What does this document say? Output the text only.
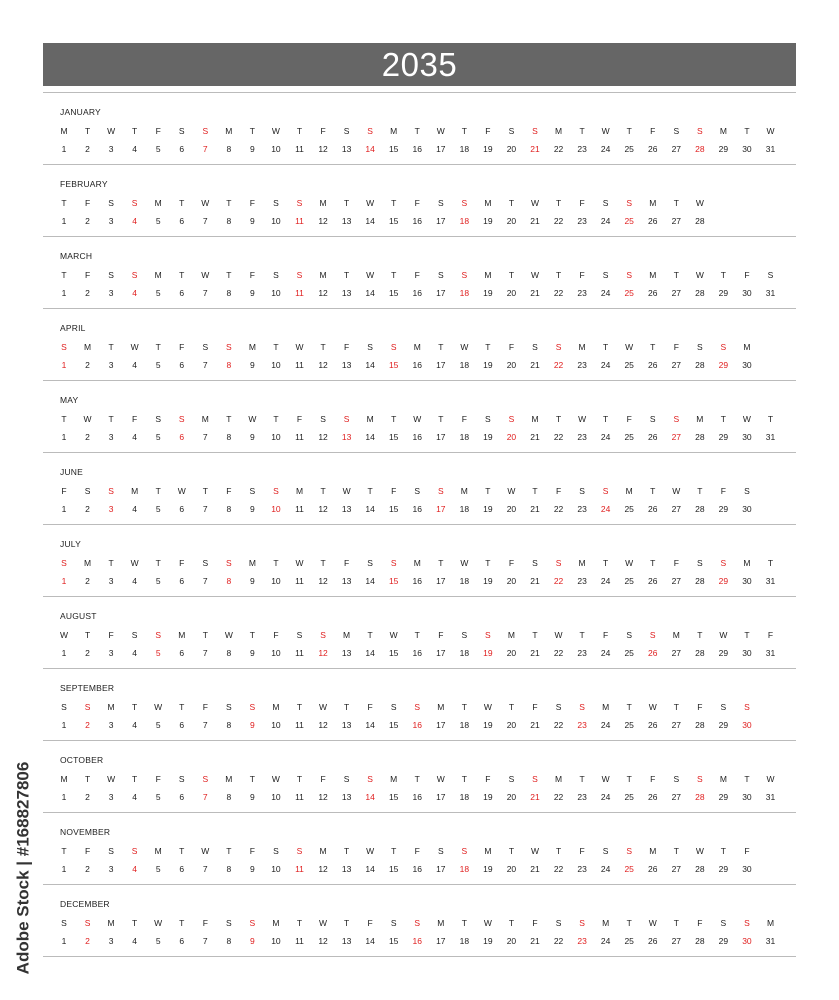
2035
JANUARY
M	T	W	T	F	S	S	M	T	W	T	F	S	S	M	T	W	T	F	S	S	M	T	W	T	F	S	S	M	T	W
1	2	3	4	5	6	7	8	9	10	11	12	13	14	15	16	17	18	19	20	21	22	23	24	25	26	27	28	29	30	31
FEBRUARY
T	F	S	S	M	T	W	T	F	S	S	M	T	W	T	F	S	S	M	T	W	T	F	S	S	M	T	W
1	2	3	4	5	6	7	8	9	10	11	12	13	14	15	16	17	18	19	20	21	22	23	24	25	26	27	28
MARCH
T	F	S	S	M	T	W	T	F	S	S	M	T	W	T	F	S	S	M	T	W	T	F	S	S	M	T	W	T	F	S
1	2	3	4	5	6	7	8	9	10	11	12	13	14	15	16	17	18	19	20	21	22	23	24	25	26	27	28	29	30	31
APRIL
S	M	T	W	T	F	S	S	M	T	W	T	F	S	S	M	T	W	T	F	S	S	M	T	W	T	F	S	S	M
1	2	3	4	5	6	7	8	9	10	11	12	13	14	15	16	17	18	19	20	21	22	23	24	25	26	27	28	29	30
MAY
T	W	T	F	S	S	M	T	W	T	F	S	S	M	T	W	T	F	S	S	M	T	W	T	F	S	S	M	T	W	T
1	2	3	4	5	6	7	8	9	10	11	12	13	14	15	16	17	18	19	20	21	22	23	24	25	26	27	28	29	30	31
JUNE
F	S	S	M	T	W	T	F	S	S	M	T	W	T	F	S	S	M	T	W	T	F	S	S	M	T	W	T	F	S
1	2	3	4	5	6	7	8	9	10	11	12	13	14	15	16	17	18	19	20	21	22	23	24	25	26	27	28	29	30
JULY
S	M	T	W	T	F	S	S	M	T	W	T	F	S	S	M	T	W	T	F	S	S	M	T	W	T	F	S	S	M	T
1	2	3	4	5	6	7	8	9	10	11	12	13	14	15	16	17	18	19	20	21	22	23	24	25	26	27	28	29	30	31
AUGUST
W	T	F	S	S	M	T	W	T	F	S	S	M	T	W	T	F	S	S	M	T	W	T	F	S	S	M	T	W	T	F
1	2	3	4	5	6	7	8	9	10	11	12	13	14	15	16	17	18	19	20	21	22	23	24	25	26	27	28	29	30	31
SEPTEMBER
S	S	M	T	W	T	F	S	S	M	T	W	T	F	S	S	M	T	W	T	F	S	S	M	T	W	T	F	S	S
1	2	3	4	5	6	7	8	9	10	11	12	13	14	15	16	17	18	19	20	21	22	23	24	25	26	27	28	29	30
OCTOBER
M	T	W	T	F	S	S	M	T	W	T	F	S	S	M	T	W	T	F	S	S	M	T	W	T	F	S	S	M	T	W
1	2	3	4	5	6	7	8	9	10	11	12	13	14	15	16	17	18	19	20	21	22	23	24	25	26	27	28	29	30	31
NOVEMBER
T	F	S	S	M	T	W	T	F	S	S	M	T	W	T	F	S	S	M	T	W	T	F	S	S	M	T	W	T	F
1	2	3	4	5	6	7	8	9	10	11	12	13	14	15	16	17	18	19	20	21	22	23	24	25	26	27	28	29	30
DECEMBER
S	S	M	T	W	T	F	S	S	M	T	W	T	F	S	S	M	T	W	T	F	S	S	M	T	W	T	F	S	S	M
1	2	3	4	5	6	7	8	9	10	11	12	13	14	15	16	17	18	19	20	21	22	23	24	25	26	27	28	29	30	31
Adobe Stock | #168827806
